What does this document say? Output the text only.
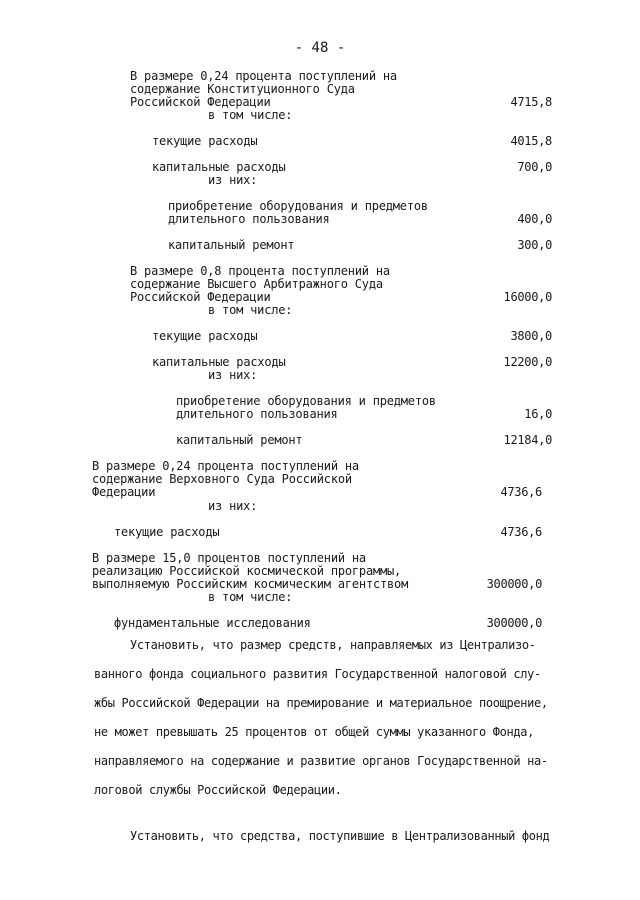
- 48 -
В размере 0,24 процента поступлений на
содержание Конституционного Суда
Российской Федерации	4715,8
в том числе:
текущие расходы	4015,8
капитальные расходы	700,0
из них:
приобретение оборудования и предметов
длительного пользования	400,0
капитальный ремонт	300,0
В размере 0,8 процента поступлений на
содержание Высшего Арбитражного Суда
Российской Федерации	16000,0
в том числе:
текущие расходы	3800,0
капитальные расходы	12200,0
из них:
приобретение оборудования и предметов
длительного пользования	16,0
капитальный ремонт	12184,0
В размере 0,24 процента поступлений на
содержание Верховного Суда Российской
Федерации	4736,6
из них:
текущие расходы	4736,6
В размере 15,0 процентов поступлений на
реализацию Российской космической программы,
выполняемую Российским космическим агентством	300000,0
в том числе:
фундаментальные исследования	300000,0
Установить, что размер средств, направляемых из Централизо-
ванного фонда социального развития Государственной налоговой слу-
жбы Российской Федерации на премирование и материальное поощрение,
не может превышать 25 процентов от общей суммы указанного Фонда,
направляемого на содержание и развитие органов Государственной на-
логовой службы Российской Федерации.
Установить, что средства, поступившие в Централизованный фонд
